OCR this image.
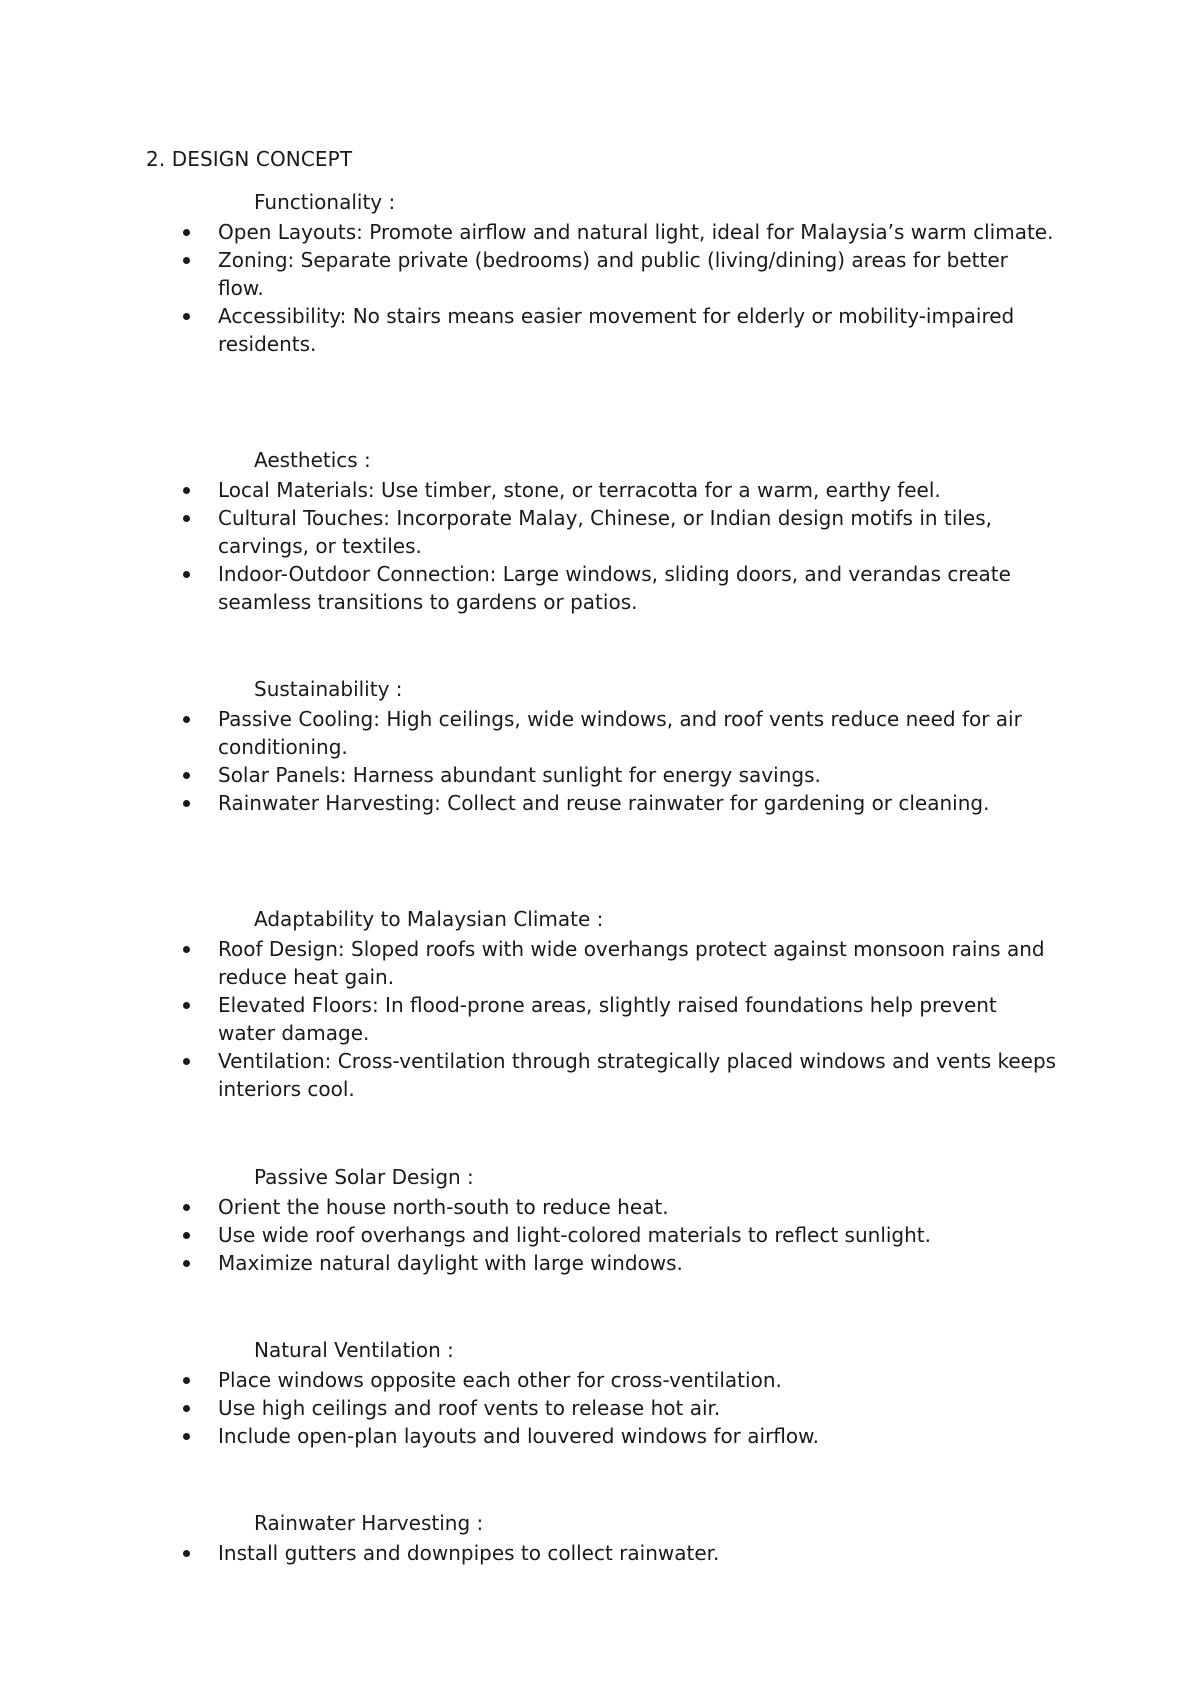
2. DESIGN CONCEPT
Functionality :
Open Layouts: Promote airflow and natural light, ideal for Malaysia’s warm climate.
Zoning: Separate private (bedrooms) and public (living/dining) areas for better flow.
Accessibility: No stairs means easier movement for elderly or mobility-impaired residents.
Aesthetics :
Local Materials: Use timber, stone, or terracotta for a warm, earthy feel.
Cultural Touches: Incorporate Malay, Chinese, or Indian design motifs in tiles, carvings, or textiles.
Indoor-Outdoor Connection: Large windows, sliding doors, and verandas create seamless transitions to gardens or patios.
Sustainability :
Passive Cooling: High ceilings, wide windows, and roof vents reduce need for air conditioning.
Solar Panels: Harness abundant sunlight for energy savings.
Rainwater Harvesting: Collect and reuse rainwater for gardening or cleaning.
Adaptability to Malaysian Climate :
Roof Design: Sloped roofs with wide overhangs protect against monsoon rains and reduce heat gain.
Elevated Floors: In flood-prone areas, slightly raised foundations help prevent water damage.
Ventilation: Cross-ventilation through strategically placed windows and vents keeps interiors cool.
Passive Solar Design :
Orient the house north-south to reduce heat.
Use wide roof overhangs and light-colored materials to reflect sunlight.
Maximize natural daylight with large windows.
Natural Ventilation :
Place windows opposite each other for cross-ventilation.
Use high ceilings and roof vents to release hot air.
Include open-plan layouts and louvered windows for airflow.
Rainwater Harvesting :
Install gutters and downpipes to collect rainwater.
